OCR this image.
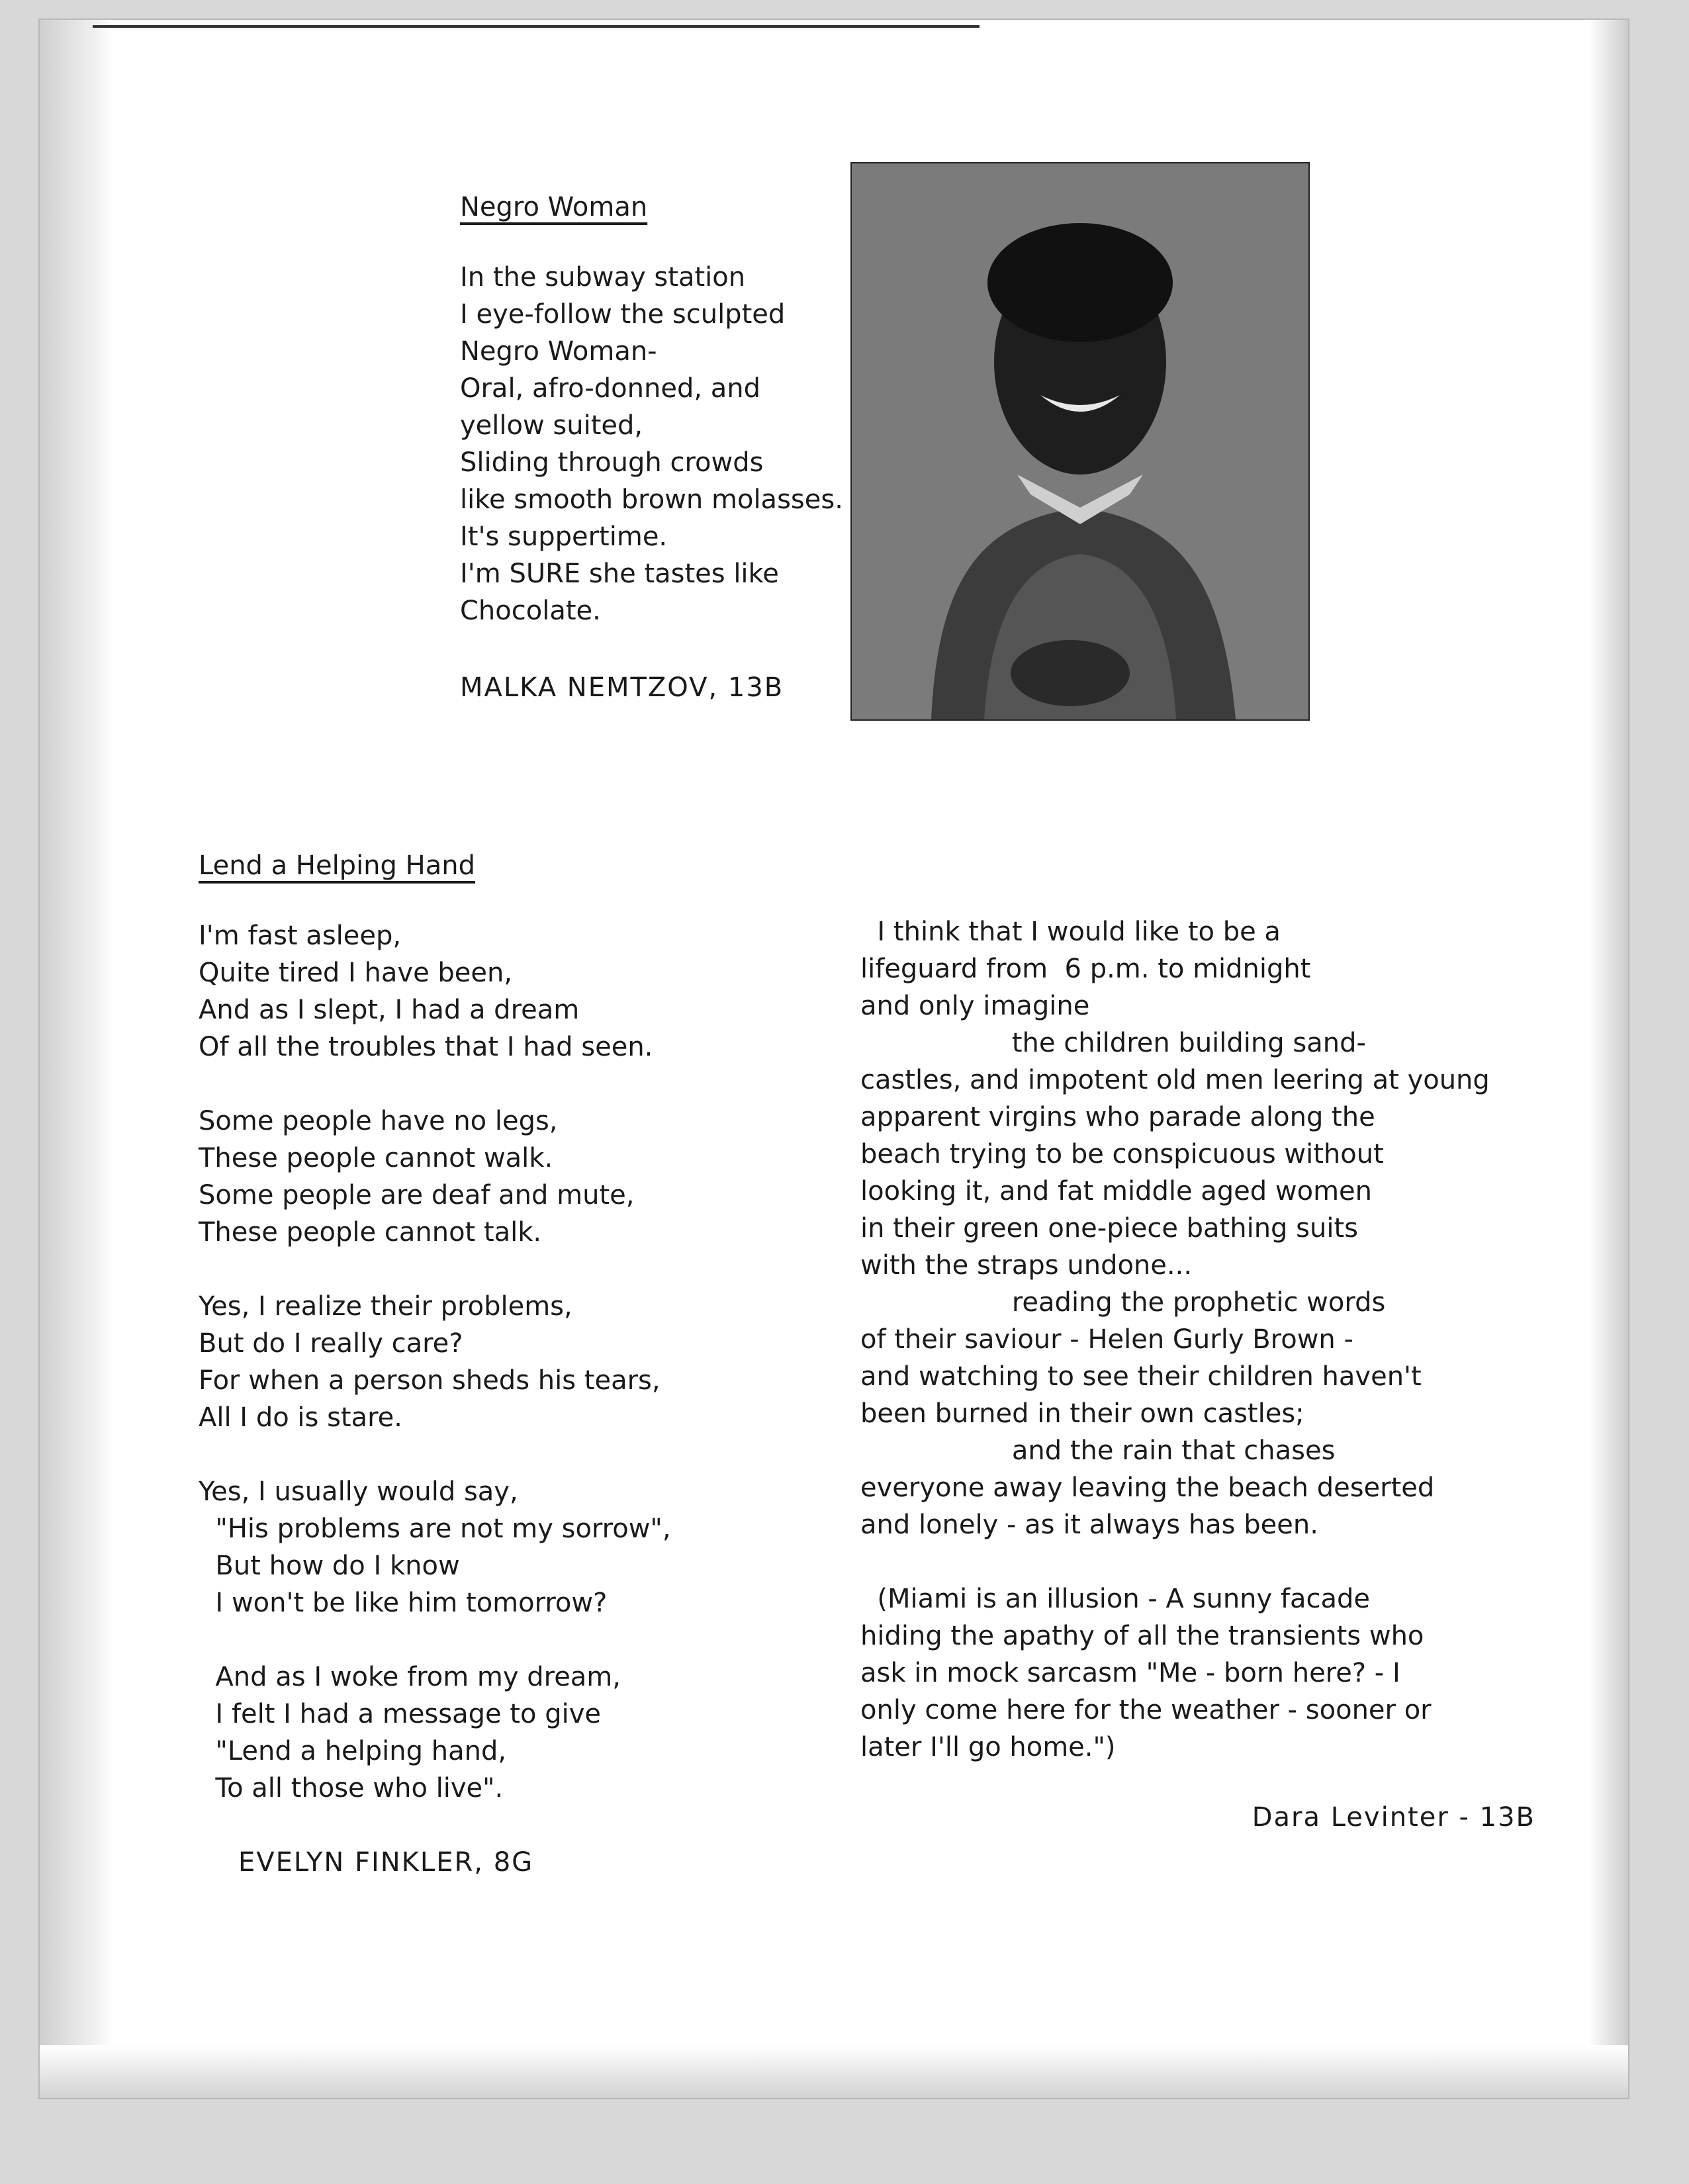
Negro Woman
In the subway station
I eye-follow the sculpted
Negro Woman-
Oral, afro-donned, and
yellow suited,
Sliding through crowds
like smooth brown molasses.
It's suppertime.
I'm SURE she tastes like
Chocolate.
MALKA NEMTZOV, 13B
Lend a Helping Hand
I'm fast asleep,
Quite tired I have been,
And as I slept, I had a dream
Of all the troubles that I had seen.
Some people have no legs,
These people cannot walk.
Some people are deaf and mute,
These people cannot talk.
Yes, I realize their problems,
But do I really care?
For when a person sheds his tears,
All I do is stare.
Yes, I usually would say,
"His problems are not my sorrow",
But how do I know
I won't be like him tomorrow?
And as I woke from my dream,
I felt I had a message to give
"Lend a helping hand,
To all those who live".
EVELYN FINKLER, 8G
I think that I would like to be a
lifeguard from  6 p.m. to midnight
and only imagine
the children building sand-
castles, and impotent old men leering at young
apparent virgins who parade along the
beach trying to be conspicuous without
looking it, and fat middle aged women
in their green one-piece bathing suits
with the straps undone...
reading the prophetic words
of their saviour - Helen Gurly Brown -
and watching to see their children haven't
been burned in their own castles;
and the rain that chases
everyone away leaving the beach deserted
and lonely - as it always has been.
(Miami is an illusion - A sunny facade
hiding the apathy of all the transients who
ask in mock sarcasm "Me - born here? - I
only come here for the weather - sooner or
later I'll go home.")
Dara Levinter - 13B
